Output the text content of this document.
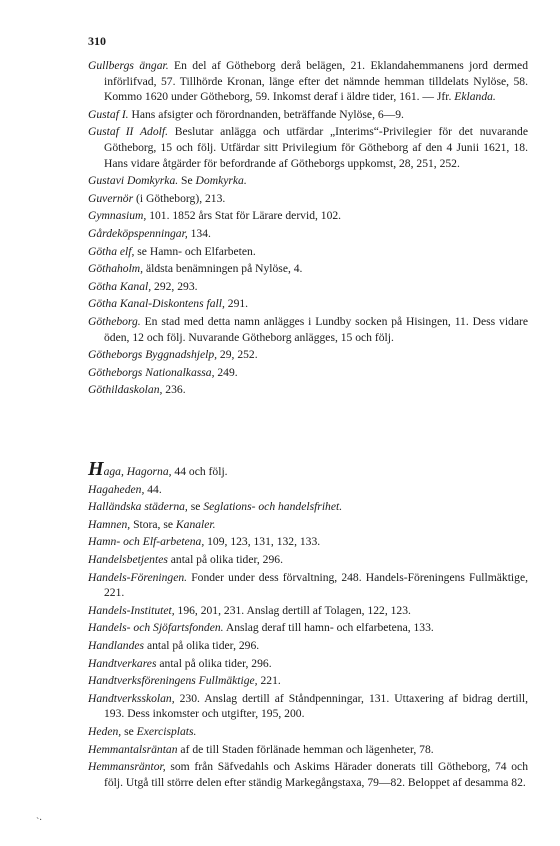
310

Gullbergs ängar. En del af Götheborg derå belägen, 21. Eklandahemmanens jord dermed införlifvad, 57. Tillhörde Kronan, länge efter det nämnde hemman tilldelats Nylöse, 58. Kommo 1620 under Götheborg, 59. Inkomst deraf i äldre tider, 161. — Jfr. Eklanda.

Gustaf I. Hans afsigter och förordnanden, beträffande Nylöse, 6—9.

Gustaf II Adolf. Beslutar anlägga och utfärdar „Interims“-Privilegier för det nuvarande Götheborg, 15 och följ. Utfärdar sitt Privilegium för Götheborg af den 4 Junii 1621, 18. Hans vidare åtgärder för befordrande af Götheborgs uppkomst, 28, 251, 252.

Gustavi Domkyrka. Se Domkyrka.

Guvernör (i Götheborg), 213.

Gymnasium, 101. 1852 års Stat för Lärare dervid, 102.

Gårdeköpspenningar, 134.

Götha elf, se Hamn- och Elfarbeten.

Göthaholm, äldsta benämningen på Nylöse, 4.

Götha Kanal, 292, 293.

Götha Kanal-Diskontens fall, 291.

Götheborg. En stad med detta namn anlägges i Lundby socken på Hisingen, 11. Dess vidare öden, 12 och följ. Nuvarande Götheborg anlägges, 15 och följ.

Götheborgs Byggnadshjelp, 29, 252.

Götheborgs Nationalkassa, 249.

Göthildaskolan, 236.

Haga, Hagorna, 44 och följ.

Hagaheden, 44.

Halländska städerna, se Seglations- och handelsfrihet.

Hamnen, Stora, se Kanaler.

Hamn- och Elf-arbetena, 109, 123, 131, 132, 133.

Handelsbetjentes antal på olika tider, 296.

Handels-Föreningen. Fonder under dess förvaltning, 248. Handels-Föreningens Fullmäktige, 221.

Handels-Institutet, 196, 201, 231. Anslag dertill af Tolagen, 122, 123.

Handels- och Sjöfartsfonden. Anslag deraf till hamn- och elfarbetena, 133.

Handlandes antal på olika tider, 296.

Handtverkares antal på olika tider, 296.

Handtverksföreningens Fullmäktige, 221.

Handtverksskolan, 230. Anslag dertill af Ståndpenningar, 131. Uttaxering af bidrag dertill, 193. Dess inkomster och utgifter, 195, 200.

Heden, se Exercisplats.

Hemmantalsräntan af de till Staden förlänade hemman och lägenheter, 78.

Hemmansräntor, som från Säfvedahls och Askims Härader donerats till Götheborg, 74 och följ. Utgå till större delen efter ständig Markegångstaxa, 79—82. Beloppet af desamma 82.

˴.
